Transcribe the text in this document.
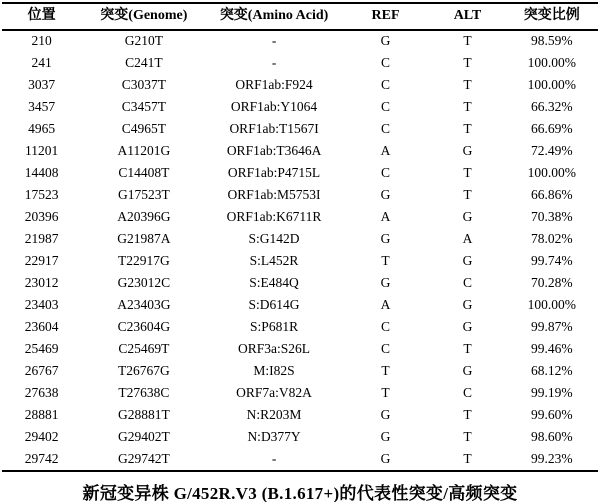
位置	突变(Genome)	突变(Amino Acid)	REF	ALT	突变比例
210	G210T	-	G	T	98.59%
241	C241T	-	C	T	100.00%
3037	C3037T	ORF1ab:F924	C	T	100.00%
3457	C3457T	ORF1ab:Y1064	C	T	66.32%
4965	C4965T	ORF1ab:T1567I	C	T	66.69%
11201	A11201G	ORF1ab:T3646A	A	G	72.49%
14408	C14408T	ORF1ab:P4715L	C	T	100.00%
17523	G17523T	ORF1ab:M5753I	G	T	66.86%
20396	A20396G	ORF1ab:K6711R	A	G	70.38%
21987	G21987A	S:G142D	G	A	78.02%
22917	T22917G	S:L452R	T	G	99.74%
23012	G23012C	S:E484Q	G	C	70.28%
23403	A23403G	S:D614G	A	G	100.00%
23604	C23604G	S:P681R	C	G	99.87%
25469	C25469T	ORF3a:S26L	C	T	99.46%
26767	T26767G	M:I82S	T	G	68.12%
27638	T27638C	ORF7a:V82A	T	C	99.19%
28881	G28881T	N:R203M	G	T	99.60%
29402	G29402T	N:D377Y	G	T	98.60%
29742	G29742T	-	G	T	99.23%
新冠变异株 G/452R.V3 (B.1.617+)的代表性突变/高频突变
